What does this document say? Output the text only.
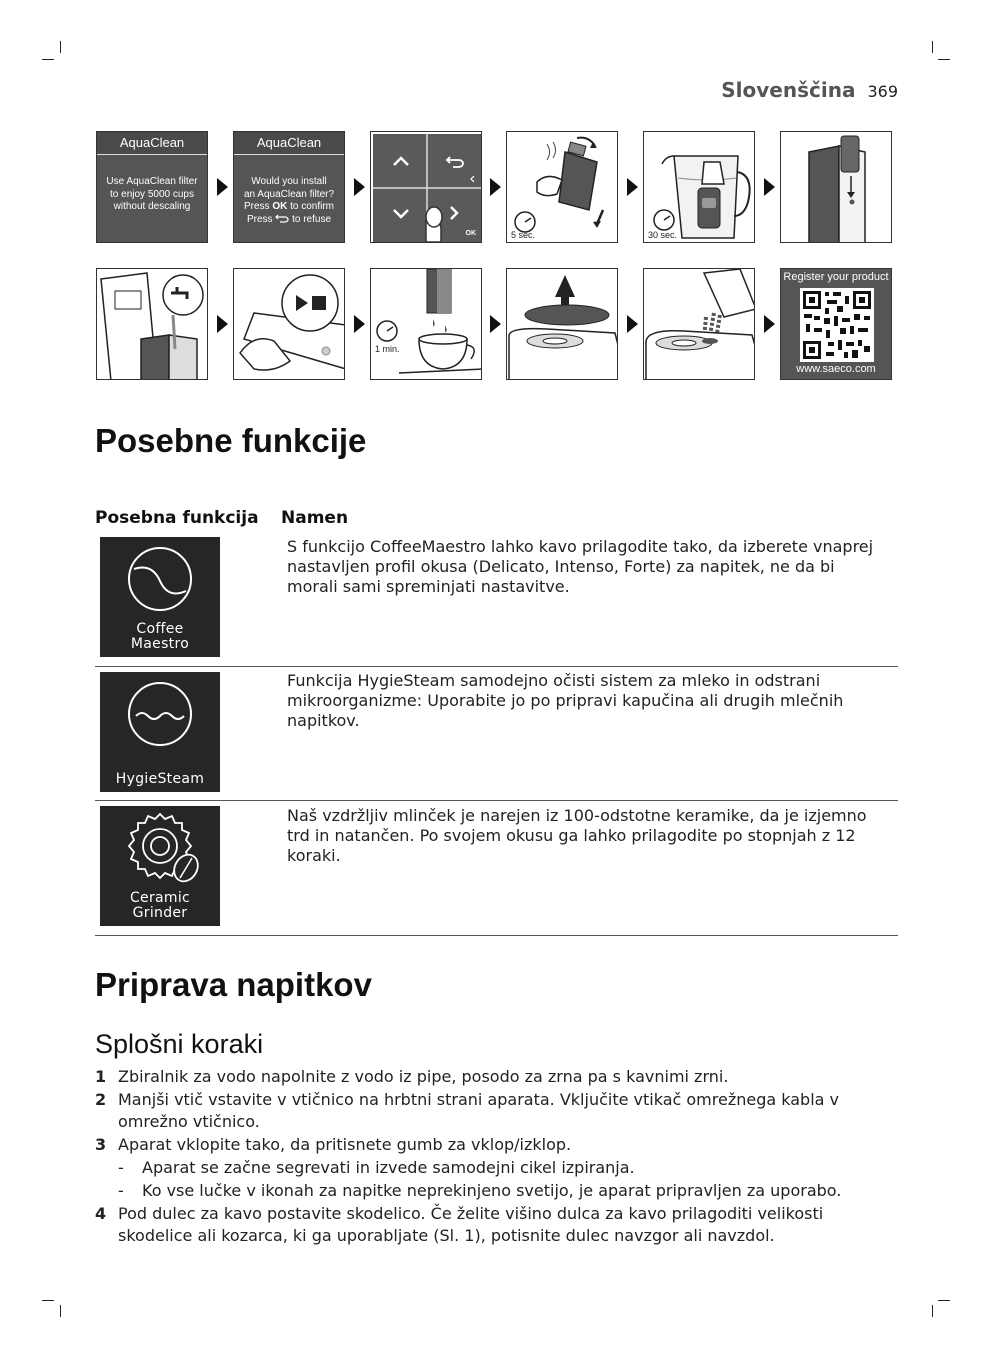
Slovenščina 369
AquaClean
Use AquaClean filter
to enjoy 5000 cups
without descaling
AquaClean
Would you install
an AquaClean filter?
Press OK to confirm
Press to refuse
OK	5 sec.	30 sec.
1 min.
Register your product
www.saeco.com
Posebne funkcije
Posebna funkcija Namen
Coffee
Maestro
S funkcijo CoffeeMaestro lahko kavo prilagodite tako, da izberete vnaprej nastavljen profil okusa (Delicato, Intenso, Forte) za napitek, ne da bi morali sami spreminjati nastavitve.
HygieSteam
Funkcija HygieSteam samodejno očisti sistem za mleko in odstrani mikroorganizme: Uporabite jo po pripravi kapučina ali drugih mlečnih napitkov.
Ceramic
Grinder
Naš vzdržljiv mlinček je narejen iz 100-odstotne keramike, da je izjemno trd in natančen. Po svojem okusu ga lahko prilagodite po stopnjah z 12 koraki.
Priprava napitkov
Splošni koraki
1 Zbiralnik za vodo napolnite z vodo iz pipe, posodo za zrna pa s kavnimi zrni.
2 Manjši vtič vstavite v vtičnico na hrbtni strani aparata. Vključite vtikač omrežnega kabla v omrežno vtičnico.
3 Aparat vklopite tako, da pritisnete gumb za vklop/izklop.
-	Aparat se začne segrevati in izvede samodejni cikel izpiranja.
-	Ko vse lučke v ikonah za napitke neprekinjeno svetijo, je aparat pripravljen za uporabo.
4 Pod dulec za kavo postavite skodelico. Če želite višino dulca za kavo prilagoditi velikosti skodelice ali kozarca, ki ga uporabljate (Sl. 1), potisnite dulec navzgor ali navzdol.
